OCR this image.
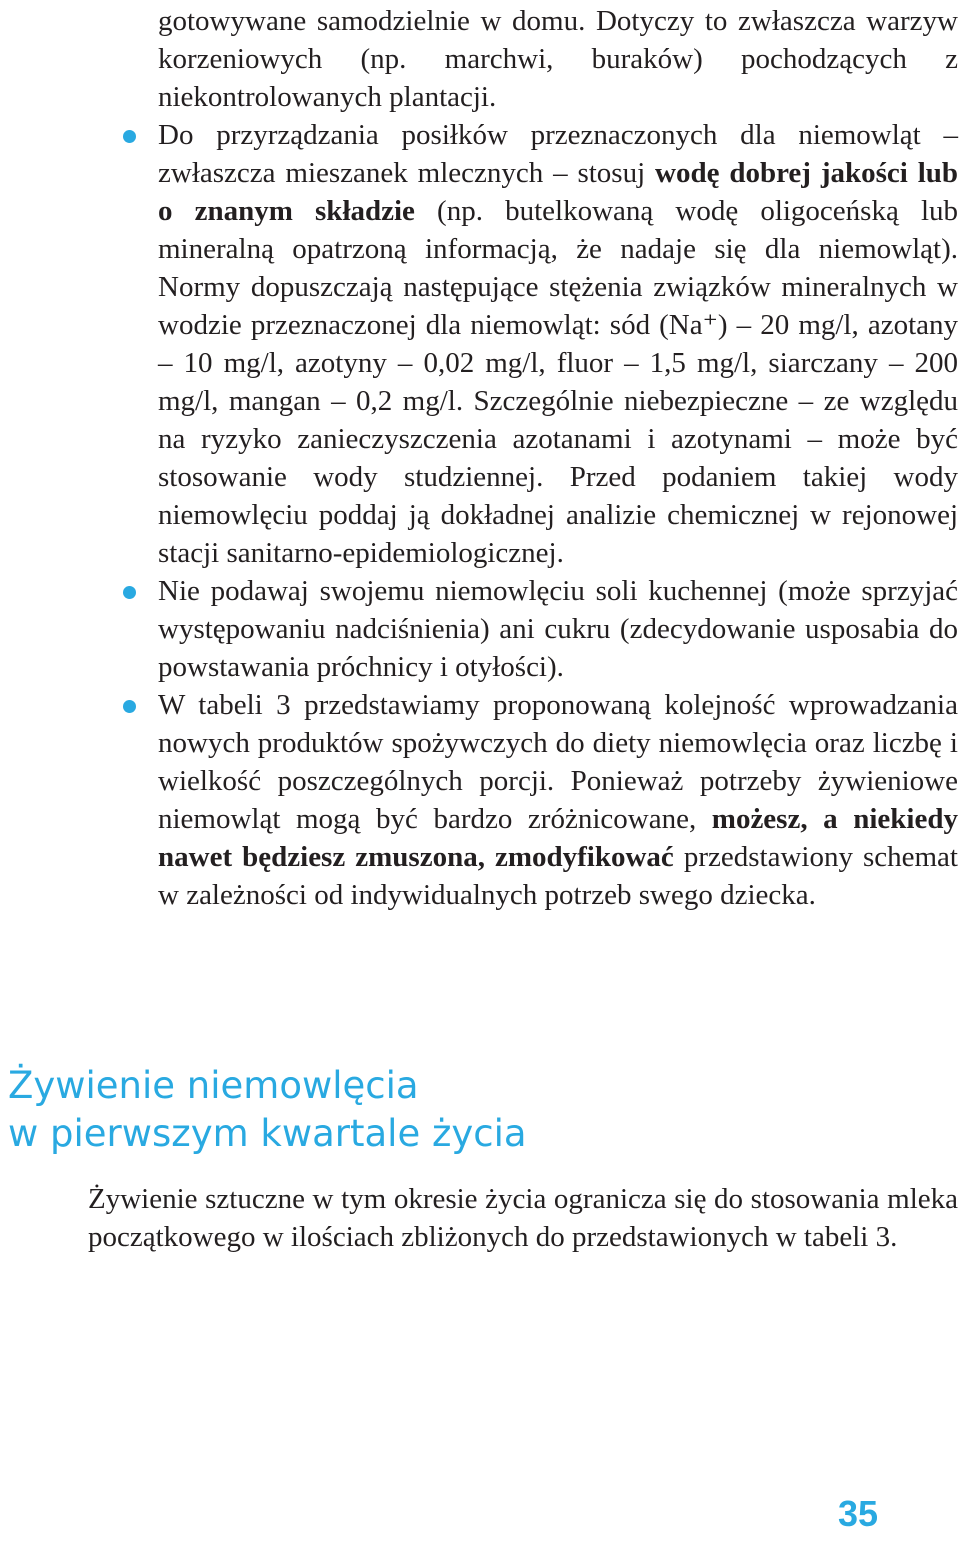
gotowywane samodzielnie w domu. Dotyczy to zwłaszcza warzyw korzeniowych (np. marchwi, buraków) pochodzących z niekontrolowanych plantacji.

Do przyrządzania posiłków przeznaczonych dla niemowląt – zwłaszcza mieszanek mlecznych – stosuj wodę dobrej jakości lub o znanym składzie (np. butelkowaną wodę oligoceńską lub mineralną opatrzoną informacją, że nadaje się dla niemowląt). Normy dopuszczają następujące stężenia związków mineralnych w wodzie przeznaczonej dla niemowląt: sód (Na⁺) – 20 mg/l, azotany – 10 mg/l, azotyny – 0,02 mg/l, fluor – 1,5 mg/l, siarczany – 200 mg/l, mangan – 0,2 mg/l. Szczególnie niebezpieczne – ze względu na ryzyko zanieczyszczenia azotanami i azotynami – może być stosowanie wody studziennej. Przed podaniem takiej wody niemowlęciu poddaj ją dokładnej analizie chemicznej w rejonowej stacji sanitarno-epidemiologicznej.

Nie podawaj swojemu niemowlęciu soli kuchennej (może sprzyjać występowaniu nadciśnienia) ani cukru (zdecydowanie usposabia do powstawania próchnicy i otyłości).

W tabeli 3 przedstawiamy proponowaną kolejność wprowadzania nowych produktów spożywczych do diety niemowlęcia oraz liczbę i wielkość poszczególnych porcji. Ponieważ potrzeby żywieniowe niemowląt mogą być bardzo zróżnicowane, możesz, a niekiedy nawet będziesz zmuszona, zmodyfikować przedstawiony schemat w zależności od indywidualnych potrzeb swego dziecka.

Żywienie niemowlęcia
w pierwszym kwartale życia

Żywienie sztuczne w tym okresie życia ogranicza się do stosowania mleka początkowego w ilościach zbliżonych do przedstawionych w tabeli 3.

35
